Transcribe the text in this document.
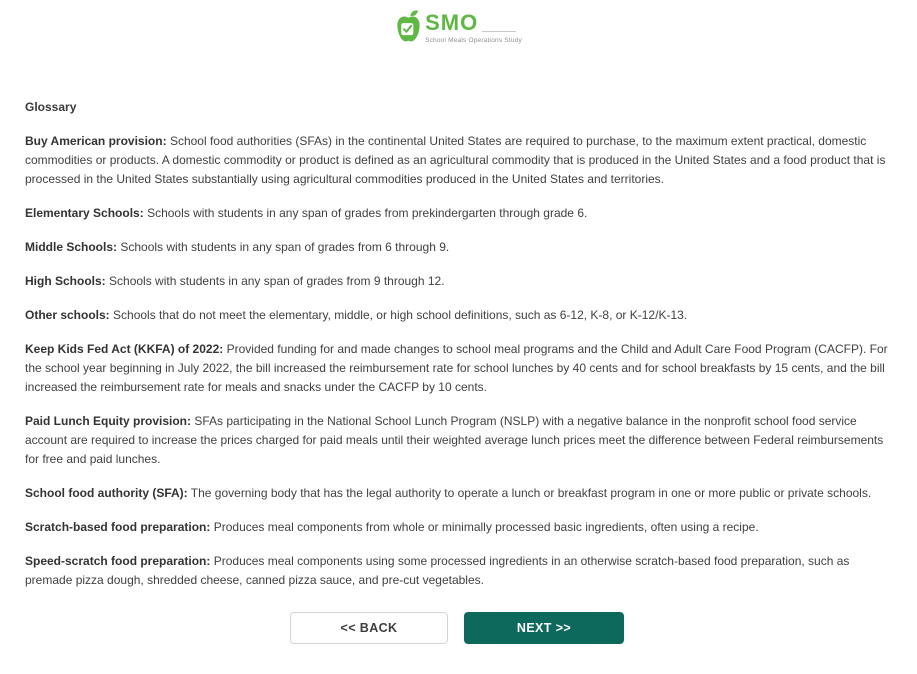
SMO
School Meals Operations Study
Glossary

Buy American provision: School food authorities (SFAs) in the continental United States are required to purchase, to the maximum extent practical, domestic commodities or products. A domestic commodity or product is defined as an agricultural commodity that is produced in the United States and a food product that is processed in the United States substantially using agricultural commodities produced in the United States and territories.

Elementary Schools: Schools with students in any span of grades from prekindergarten through grade 6.

Middle Schools: Schools with students in any span of grades from 6 through 9.

High Schools: Schools with students in any span of grades from 9 through 12.

Other schools: Schools that do not meet the elementary, middle, or high school definitions, such as 6-12, K-8, or K-12/K-13.

Keep Kids Fed Act (KKFA) of 2022: Provided funding for and made changes to school meal programs and the Child and Adult Care Food Program (CACFP). For the school year beginning in July 2022, the bill increased the reimbursement rate for school lunches by 40 cents and for school breakfasts by 15 cents, and the bill increased the reimbursement rate for meals and snacks under the CACFP by 10 cents.

Paid Lunch Equity provision: SFAs participating in the National School Lunch Program (NSLP) with a negative balance in the nonprofit school food service account are required to increase the prices charged for paid meals until their weighted average lunch prices meet the difference between Federal reimbursements for free and paid lunches.

School food authority (SFA): The governing body that has the legal authority to operate a lunch or breakfast program in one or more public or private schools.

Scratch-based food preparation: Produces meal components from whole or minimally processed basic ingredients, often using a recipe.

Speed-scratch food preparation: Produces meal components using some processed ingredients in an otherwise scratch-based food preparation, such as premade pizza dough, shredded cheese, canned pizza sauce, and pre-cut vegetables.

<< BACK	NEXT >>
